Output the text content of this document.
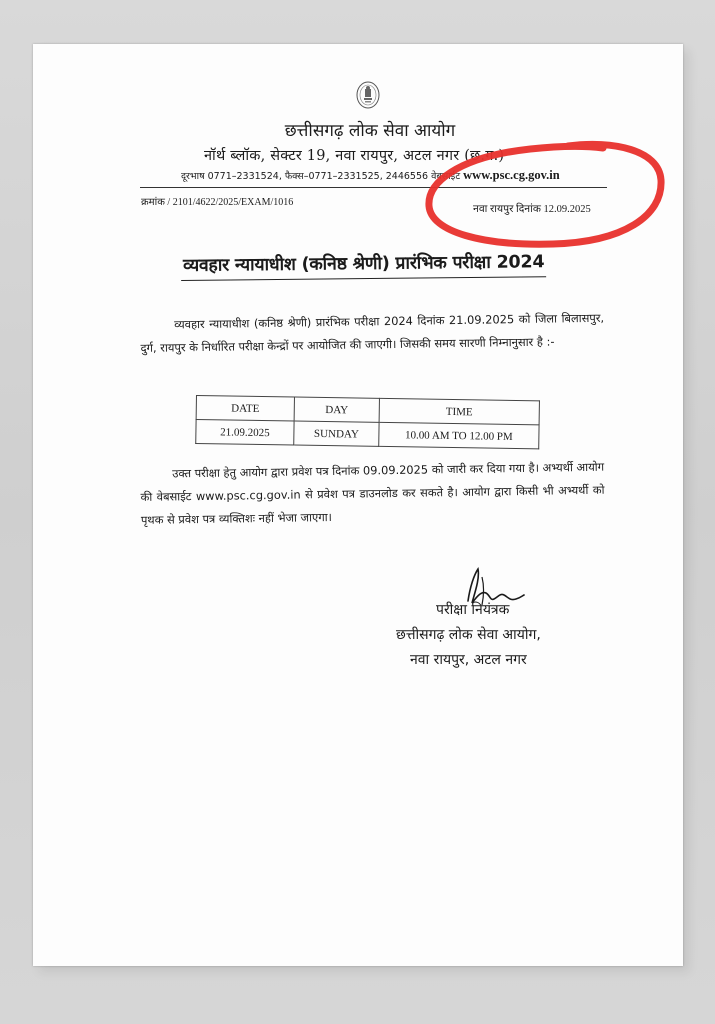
छत्तीसगढ़ लोक सेवा आयोग
नॉर्थ ब्लॉक, सेक्टर 19, नवा रायपुर, अटल नगर (छ.ग.)
दूरभाष 0771–2331524, फैक्स–0771–2331525, 2446556 वेबसाईट www.psc.cg.gov.in
क्रमांक / 2101/4622/2025/EXAM/1016
नवा रायपुर दिनांक 12.09.2025
व्यवहार न्यायाधीश (कनिष्ठ श्रेणी) प्रारंभिक परीक्षा 2024
व्यवहार न्यायाधीश (कनिष्ठ श्रेणी) प्रारंभिक परीक्षा 2024 दिनांक 21.09.2025 को जिला बिलासपुर, दुर्ग, रायपुर के निर्धारित परीक्षा केन्द्रों पर आयोजित की जाएगी। जिसकी समय सारणी निम्नानुसार है :-
DATE	DAY	TIME
21.09.2025	SUNDAY	10.00 AM TO 12.00 PM
उक्त परीक्षा हेतु आयोग द्वारा प्रवेश पत्र दिनांक 09.09.2025 को जारी कर दिया गया है। अभ्यर्थी आयोग की वेबसाईट www.psc.cg.gov.in से प्रवेश पत्र डाउनलोड कर सकते है। आयोग द्वारा किसी भी अभ्यर्थी को पृथक से प्रवेश पत्र व्यक्तिशः नहीं भेजा जाएगा।
परीक्षा नियंत्रक
छत्तीसगढ़ लोक सेवा आयोग,
नवा रायपुर, अटल नगर
